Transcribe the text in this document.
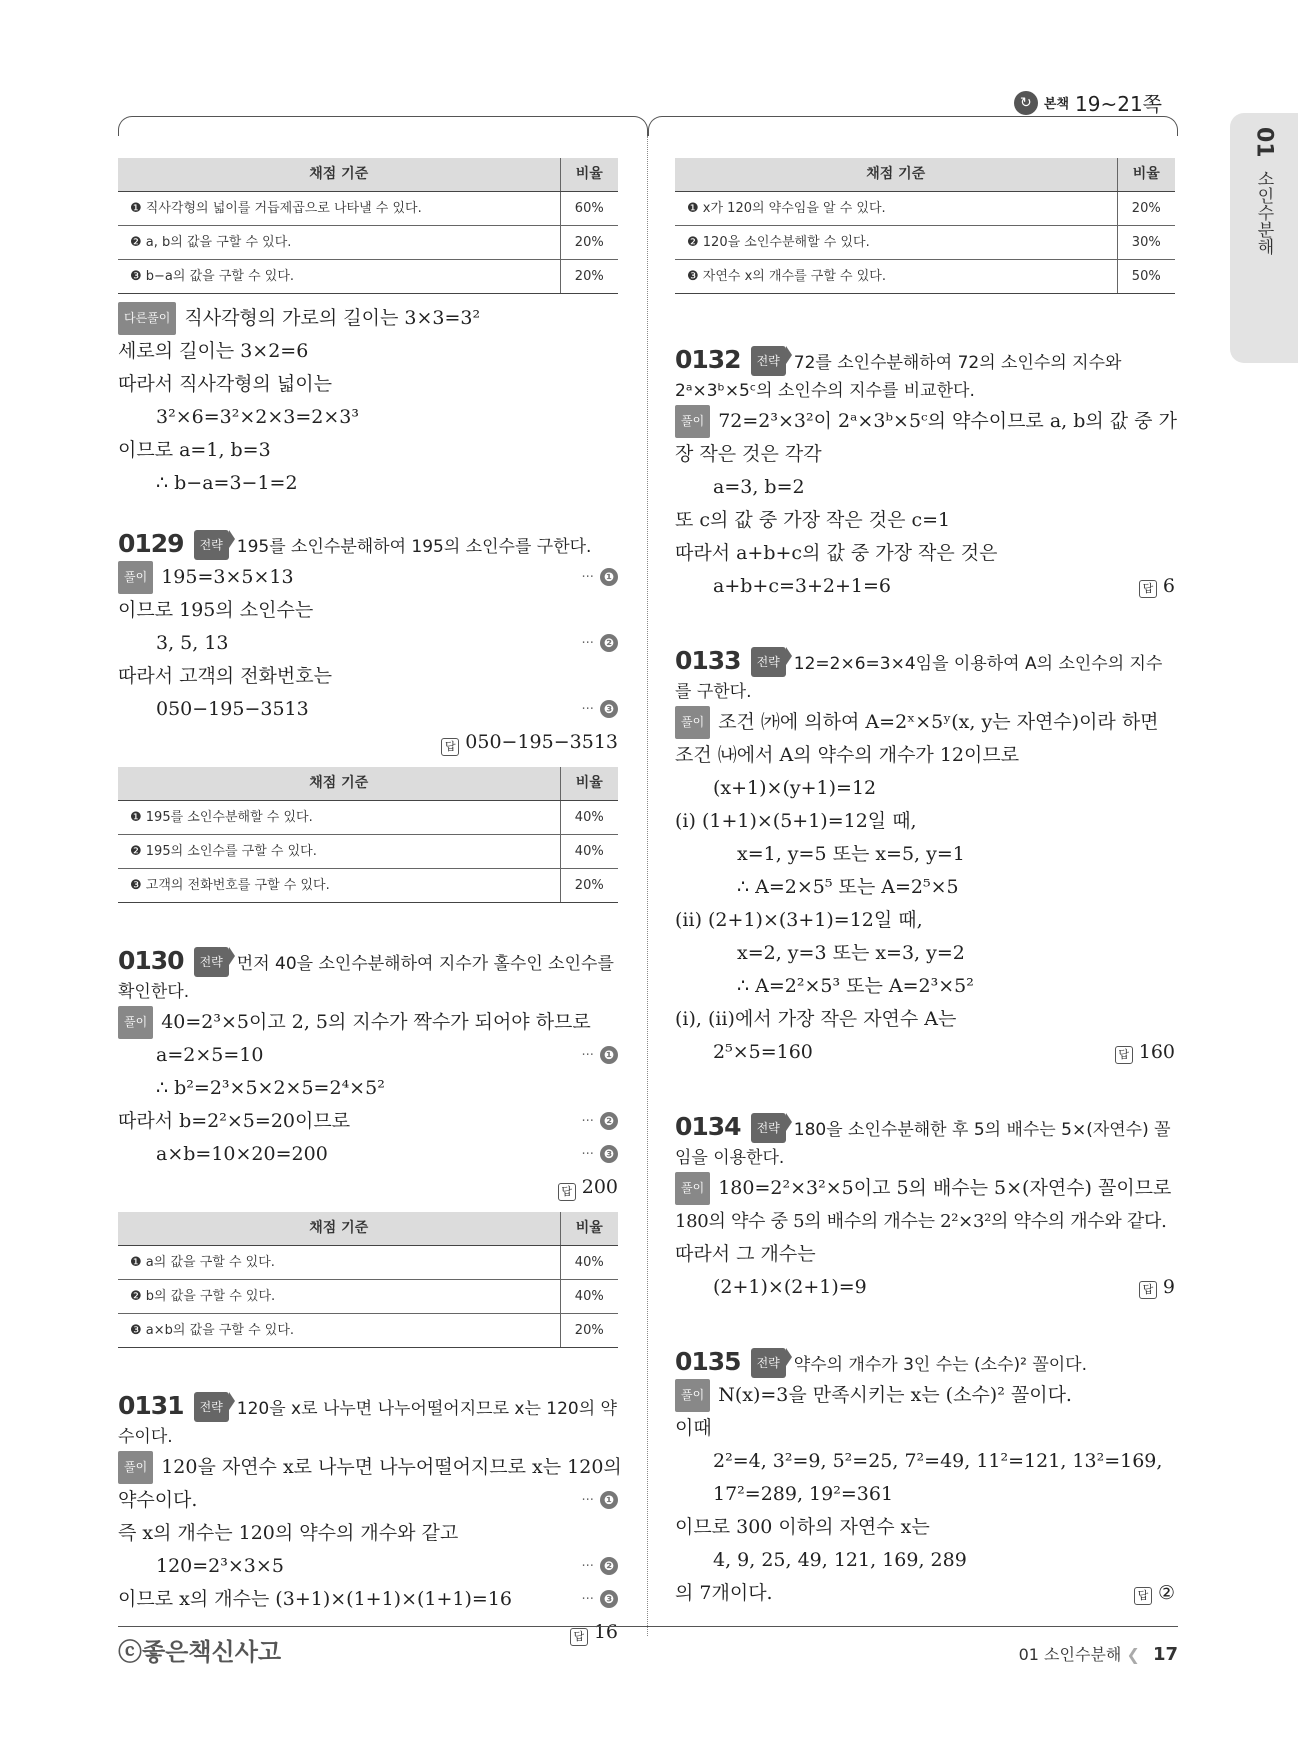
↻ 본책 19~21쪽
01
소인수분해
채점 기준	비율
❶ 직사각형의 넓이를 거듭제곱으로 나타낼 수 있다.	60%
❷ a, b의 값을 구할 수 있다.	20%
❸ b−a의 값을 구할 수 있다.	20%
다른풀이 직사각형의 가로의 길이는 3×3=3²
세로의 길이는 3×2=6
따라서 직사각형의 넓이는
3²×6=3²×2×3=2×3³
이므로 a=1, b=3
∴ b−a=3−1=2
0129 전략 195를 소인수분해하여 195의 소인수를 구한다.
풀이 195=3×5×13	··· ❶
이므로 195의 소인수는
3, 5, 13	··· ❷
따라서 고객의 전화번호는
050−195−3513	··· ❸
답 050−195−3513
채점 기준	비율
❶ 195를 소인수분해할 수 있다.	40%
❷ 195의 소인수를 구할 수 있다.	40%
❸ 고객의 전화번호를 구할 수 있다.	20%
0130 전략 먼저 40을 소인수분해하여 지수가 홀수인 소인수를 확인한다.
풀이 40=2³×5이고 2, 5의 지수가 짝수가 되어야 하므로
a=2×5=10	··· ❶
∴ b²=2³×5×2×5=2⁴×5²
따라서 b=2²×5=20이므로	··· ❷
a×b=10×20=200	··· ❸
답 200
채점 기준	비율
❶ a의 값을 구할 수 있다.	40%
❷ b의 값을 구할 수 있다.	40%
❸ a×b의 값을 구할 수 있다.	20%
0131 전략 120을 x로 나누면 나누어떨어지므로 x는 120의 약수이다.
풀이 120을 자연수 x로 나누면 나누어떨어지므로 x는 120의
약수이다.	··· ❶
즉 x의 개수는 120의 약수의 개수와 같고
120=2³×3×5	··· ❷
이므로 x의 개수는 (3+1)×(1+1)×(1+1)=16	··· ❸
답 16
채점 기준	비율
❶ x가 120의 약수임을 알 수 있다.	20%
❷ 120을 소인수분해할 수 있다.	30%
❸ 자연수 x의 개수를 구할 수 있다.	50%
0132 전략 72를 소인수분해하여 72의 소인수의 지수와 2ᵃ×3ᵇ×5ᶜ의 소인수의 지수를 비교한다.
풀이 72=2³×3²이 2ᵃ×3ᵇ×5ᶜ의 약수이므로 a, b의 값 중 가
장 작은 것은 각각
a=3, b=2
또 c의 값 중 가장 작은 것은 c=1
따라서 a+b+c의 값 중 가장 작은 것은
a+b+c=3+2+1=6	답 6
0133 전략 12=2×6=3×4임을 이용하여 A의 소인수의 지수를 구한다.
풀이 조건 ㈎에 의하여 A=2ˣ×5ʸ(x, y는 자연수)이라 하면
조건 ㈏에서 A의 약수의 개수가 12이므로
(x+1)×(y+1)=12
(ⅰ) (1+1)×(5+1)=12일 때,
x=1, y=5 또는 x=5, y=1
∴ A=2×5⁵ 또는 A=2⁵×5
(ⅱ) (2+1)×(3+1)=12일 때,
x=2, y=3 또는 x=3, y=2
∴ A=2²×5³ 또는 A=2³×5²
(ⅰ), (ⅱ)에서 가장 작은 자연수 A는
2⁵×5=160	답 160
0134 전략 180을 소인수분해한 후 5의 배수는 5×(자연수) 꼴임을 이용한다.
풀이 180=2²×3²×5이고 5의 배수는 5×(자연수) 꼴이므로
180의 약수 중 5의 배수의 개수는 2²×3²의 약수의 개수와 같다.
따라서 그 개수는
(2+1)×(2+1)=9	답 9
0135 전략 약수의 개수가 3인 수는 (소수)² 꼴이다.
풀이 N(x)=3을 만족시키는 x는 (소수)² 꼴이다.
이때
2²=4, 3²=9, 5²=25, 7²=49, 11²=121, 13²=169,
17²=289, 19²=361
이므로 300 이하의 자연수 x는
4, 9, 25, 49, 121, 169, 289
의 7개이다.	답 ②
ⓒ좋은책신사고	01 소인수분해 ❮ 17
